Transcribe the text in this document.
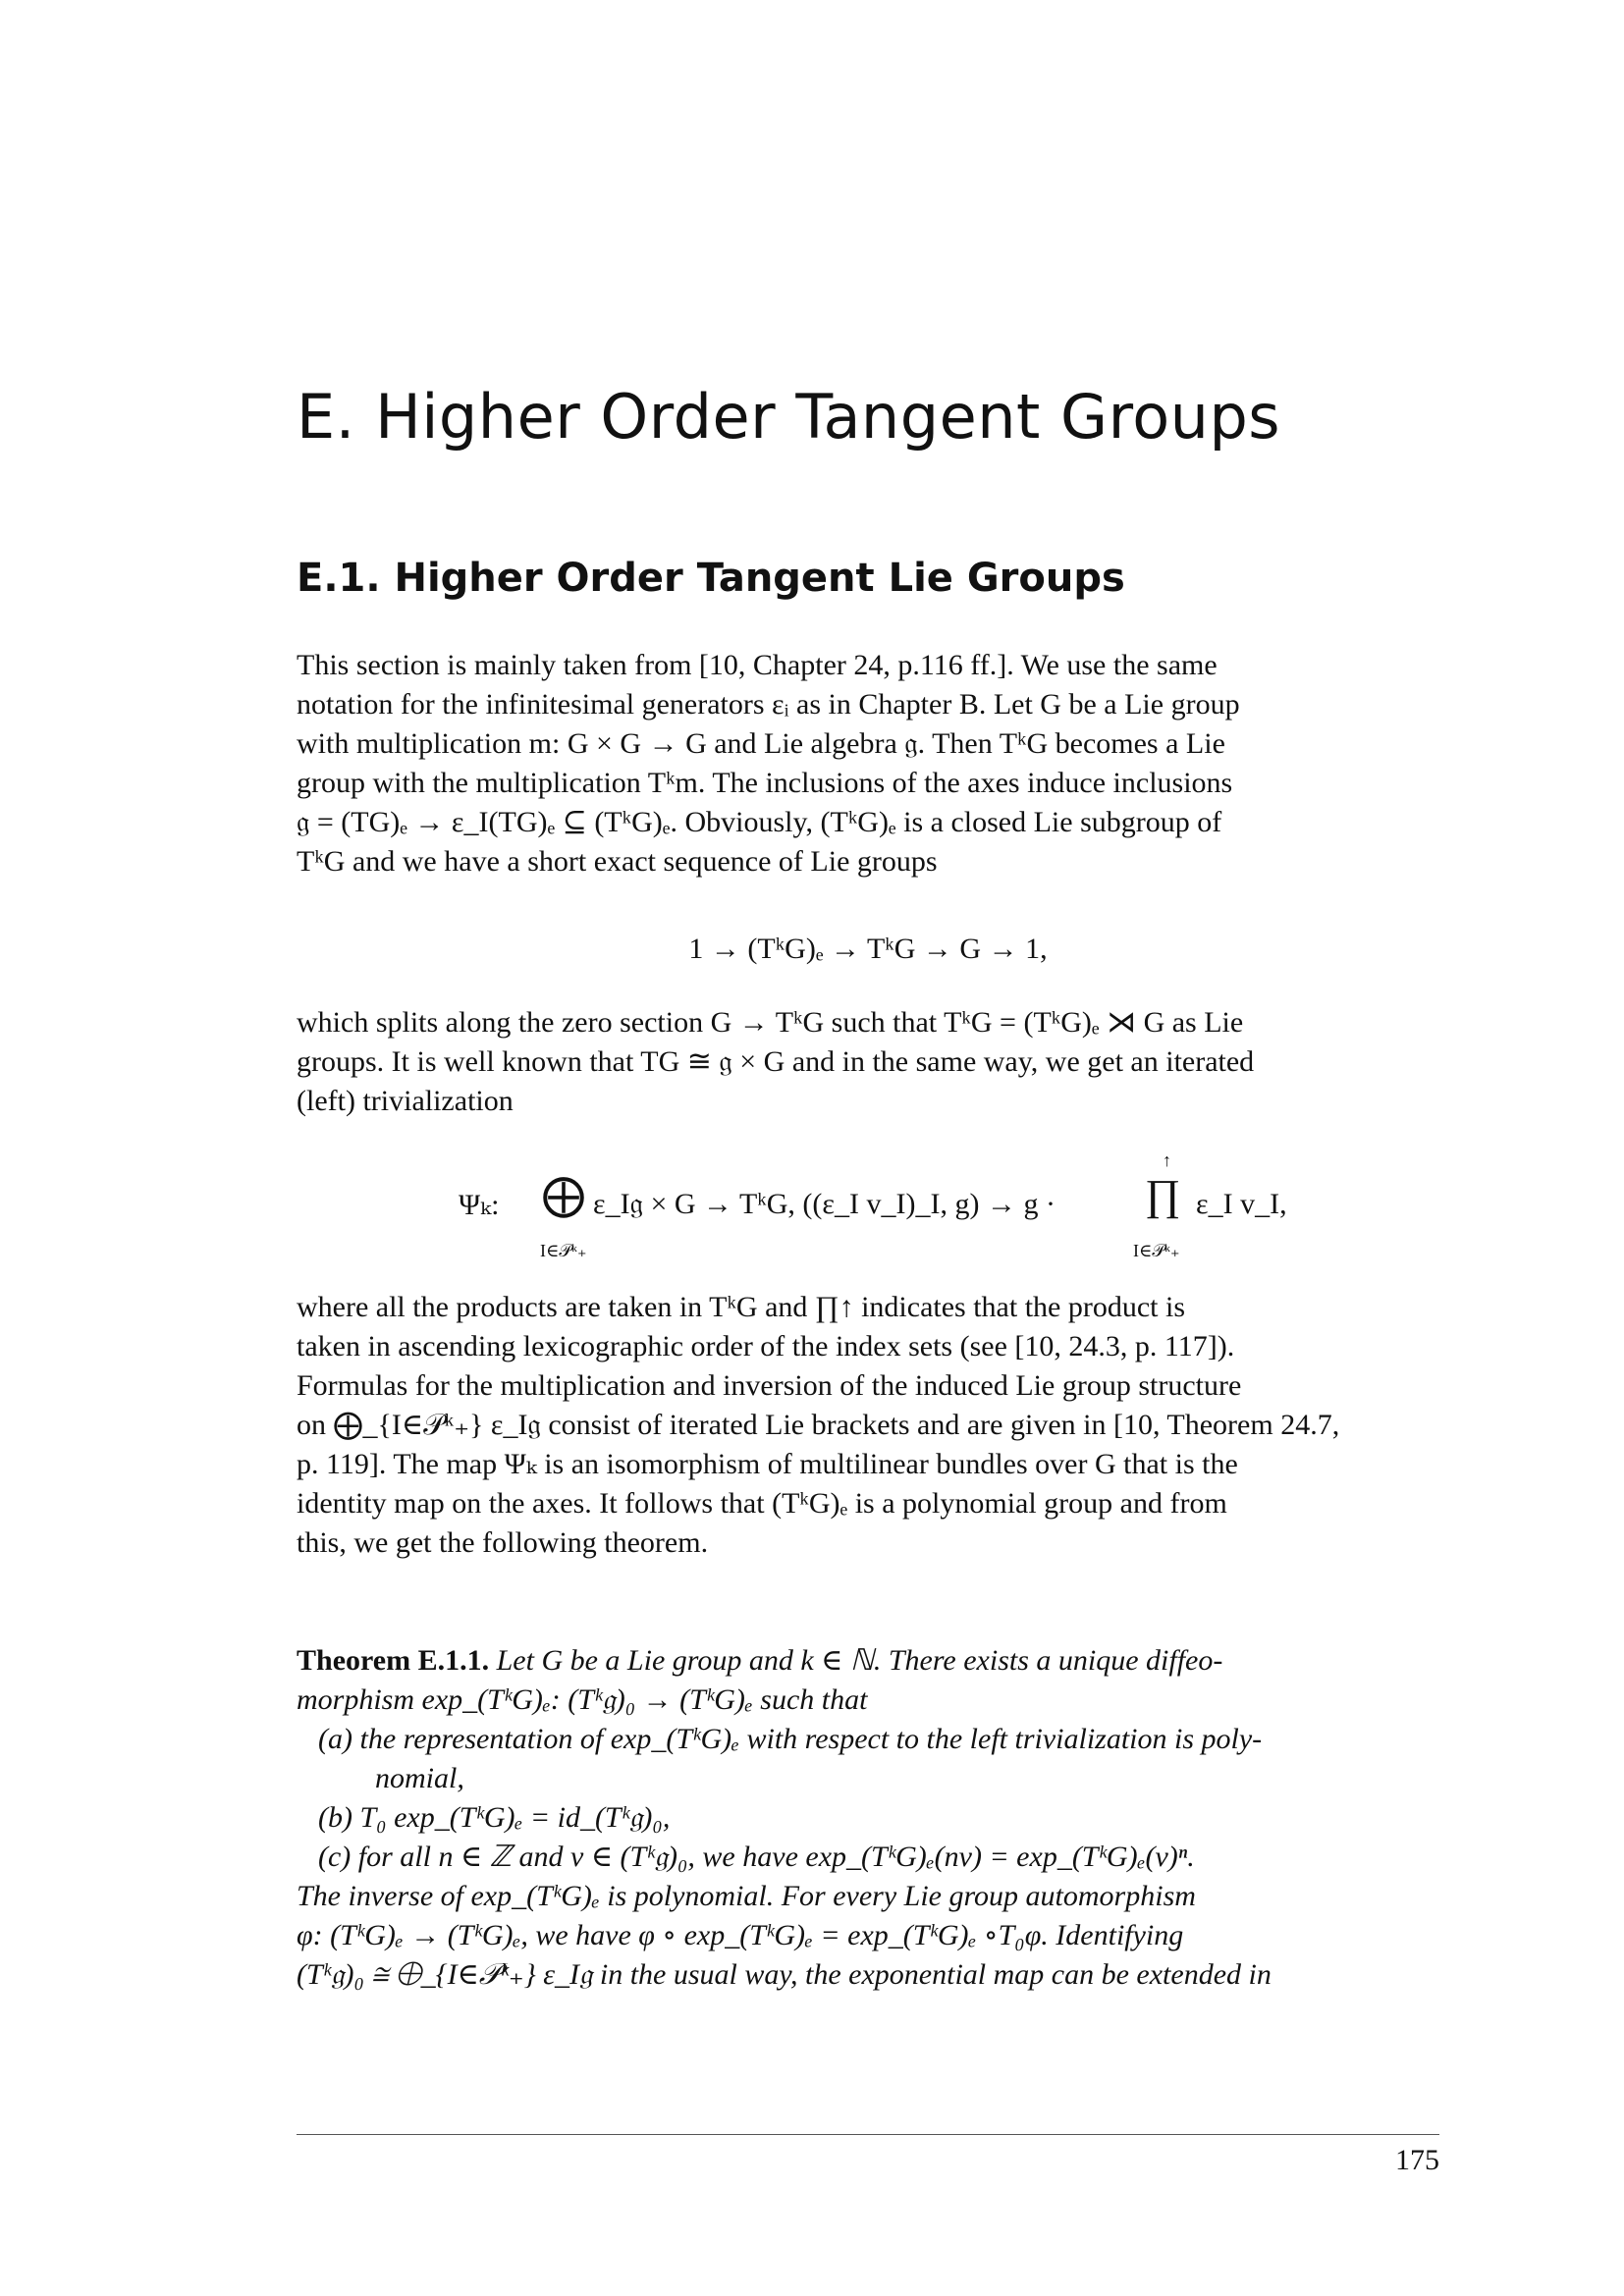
E. Higher Order Tangent Groups
E.1. Higher Order Tangent Lie Groups
This section is mainly taken from [10, Chapter 24, p.116 ff.]. We use the same
notation for the infinitesimal generators εᵢ as in Chapter B. Let G be a Lie group
with multiplication m: G × G → G and Lie algebra 𝔤. Then TᵏG becomes a Lie
group with the multiplication Tᵏm. The inclusions of the axes induce inclusions
𝔤 = (TG)ₑ → ε_I(TG)ₑ ⊆ (TᵏG)ₑ. Obviously, (TᵏG)ₑ is a closed Lie subgroup of
TᵏG and we have a short exact sequence of Lie groups
1 → (TᵏG)ₑ → TᵏG → G → 1,
which splits along the zero section G → TᵏG such that TᵏG = (TᵏG)ₑ ⋊ G as Lie
groups. It is well known that TG ≅ 𝔤 × G and in the same way, we get an iterated
(left) trivialization
Ψₖ: ⨁
I∈𝒫ᵏ₊
ε_I𝔤 × G → TᵏG, ((ε_I v_I)_I, g) → g ·
↑
∏
I∈𝒫ᵏ₊
ε_I v_I,
where all the products are taken in TᵏG and ∏↑ indicates that the product is
taken in ascending lexicographic order of the index sets (see [10, 24.3, p. 117]).
Formulas for the multiplication and inversion of the induced Lie group structure
on ⨁_{I∈𝒫ᵏ₊} ε_I𝔤 consist of iterated Lie brackets and are given in [10, Theorem 24.7,
p. 119]. The map Ψₖ is an isomorphism of multilinear bundles over G that is the
identity map on the axes. It follows that (TᵏG)ₑ is a polynomial group and from
this, we get the following theorem.
Theorem E.1.1. Let G be a Lie group and k ∈ ℕ. There exists a unique diffeo-
morphism exp_(TᵏG)ₑ: (Tᵏ𝔤)₀ → (TᵏG)ₑ such that
(a) the representation of exp_(TᵏG)ₑ with respect to the left trivialization is poly-
nomial,
(b) T₀ exp_(TᵏG)ₑ = id_(Tᵏ𝔤)₀,
(c) for all n ∈ ℤ and v ∈ (Tᵏ𝔤)₀, we have exp_(TᵏG)ₑ(nv) = exp_(TᵏG)ₑ(v)ⁿ.
The inverse of exp_(TᵏG)ₑ is polynomial. For every Lie group automorphism
φ: (TᵏG)ₑ → (TᵏG)ₑ, we have φ ∘ exp_(TᵏG)ₑ = exp_(TᵏG)ₑ ∘T₀φ. Identifying
(Tᵏ𝔤)₀ ≅ ⨁_{I∈𝒫ᵏ₊} ε_I𝔤 in the usual way, the exponential map can be extended in
175
